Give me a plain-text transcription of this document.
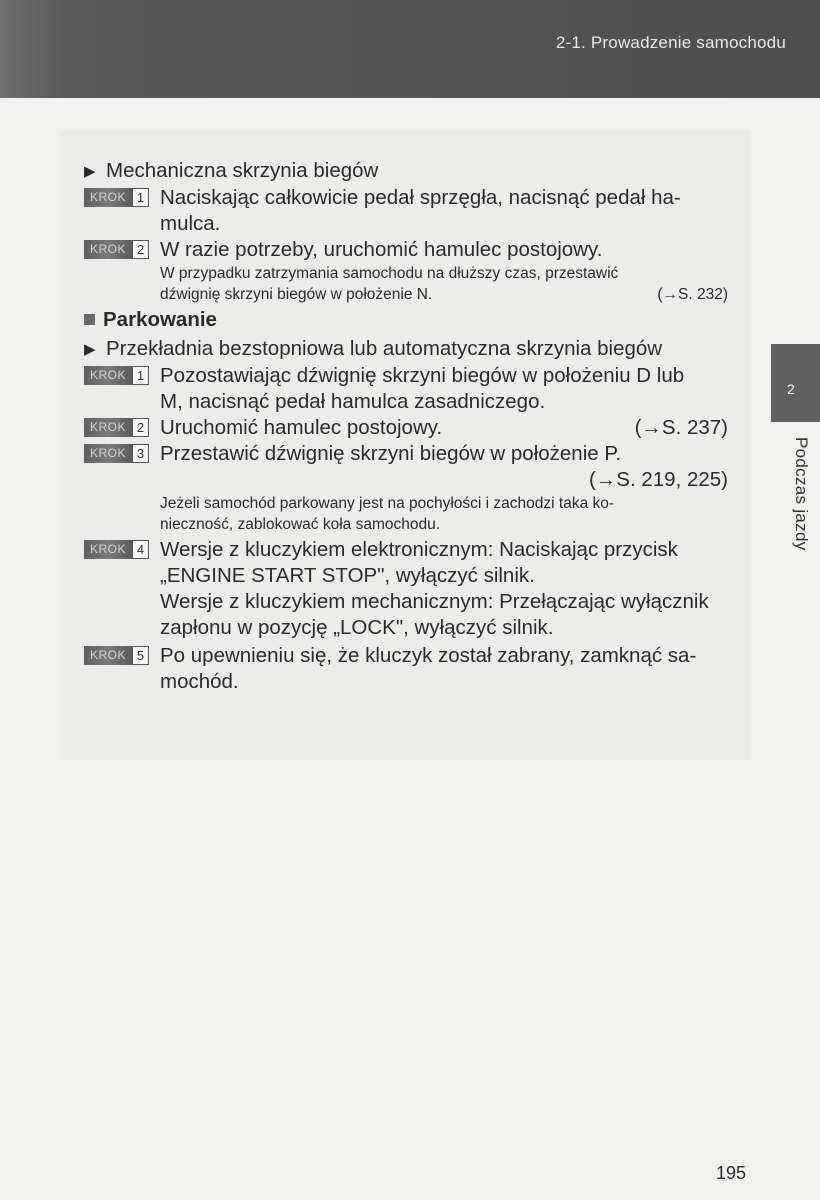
2-1. Prowadzenie samochodu
2
Podczas jazdy
▶ Mechaniczna skrzynia biegów
KROK 1 Naciskając całkowicie pedał sprzęgła, nacisnąć pedał ha-
mulca.
KROK 2 W razie potrzeby, uruchomić hamulec postojowy.
W przypadku zatrzymania samochodu na dłuższy czas, przestawić
dźwignię skrzyni biegów w położenie N.	(→S. 232)
Parkowanie
▶ Przekładnia bezstopniowa lub automatyczna skrzynia biegów
KROK 1 Pozostawiając dźwignię skrzyni biegów w położeniu D lub
M, nacisnąć pedał hamulca zasadniczego.
KROK 2 Uruchomić hamulec postojowy.	(→S. 237)
KROK 3 Przestawić dźwignię skrzyni biegów w położenie P.
(→S. 219, 225)
Jeżeli samochód parkowany jest na pochyłości i zachodzi taka ko-
nieczność, zablokować koła samochodu.
KROK 4 Wersje z kluczykiem elektronicznym: Naciskając przycisk
„ENGINE START STOP", wyłączyć silnik.
Wersje z kluczykiem mechanicznym: Przełączając wyłącznik
zapłonu w pozycję „LOCK", wyłączyć silnik.
KROK 5 Po upewnieniu się, że kluczyk został zabrany, zamknąć sa-
mochód.
195
